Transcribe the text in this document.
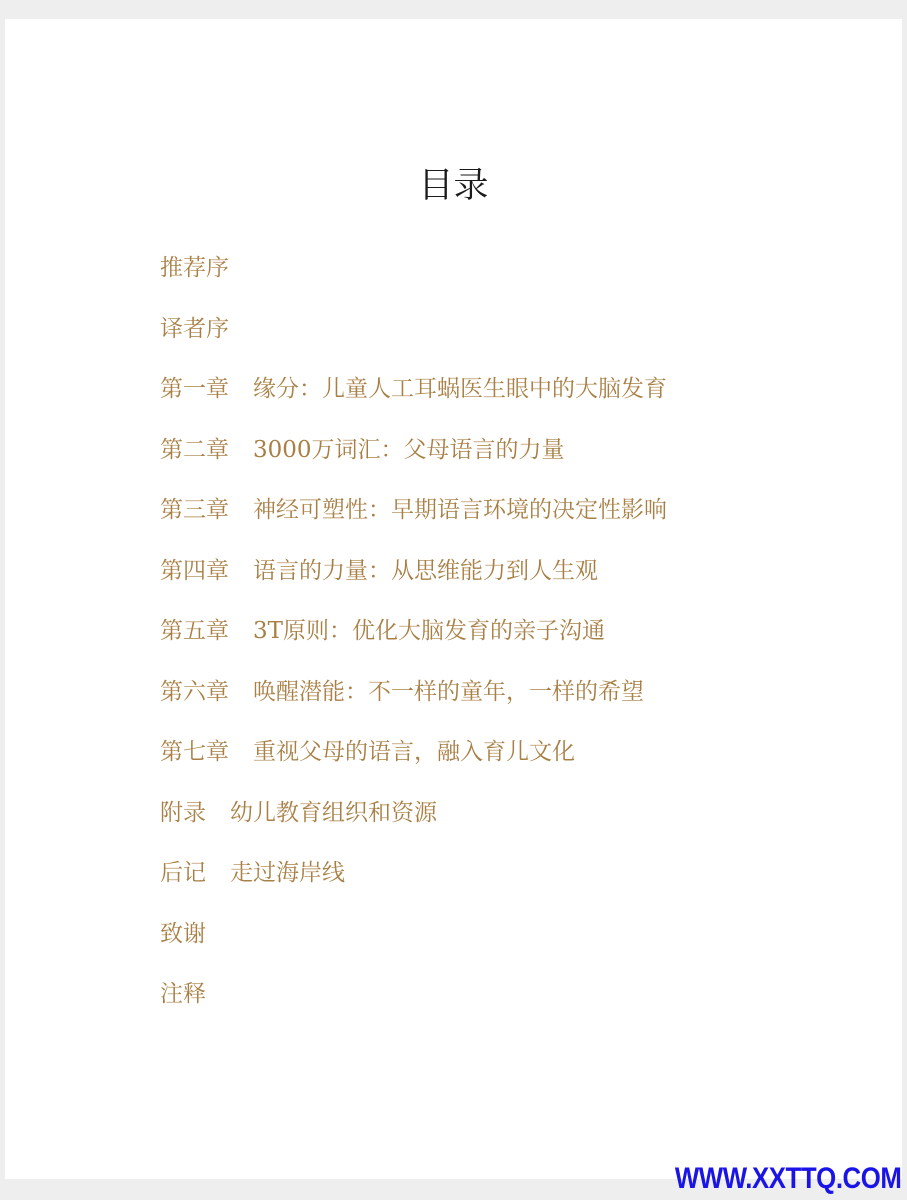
目录
推荐序
译者序
第一章 缘分：儿童人工耳蜗医生眼中的大脑发育
第二章 3000万词汇：父母语言的力量
第三章 神经可塑性：早期语言环境的决定性影响
第四章 语言的力量：从思维能力到人生观
第五章 3T原则：优化大脑发育的亲子沟通
第六章 唤醒潜能：不一样的童年，一样的希望
第七章 重视父母的语言，融入育儿文化
附录 幼儿教育组织和资源
后记 走过海岸线
致谢
注释
WWW.XXTTQ.COM
